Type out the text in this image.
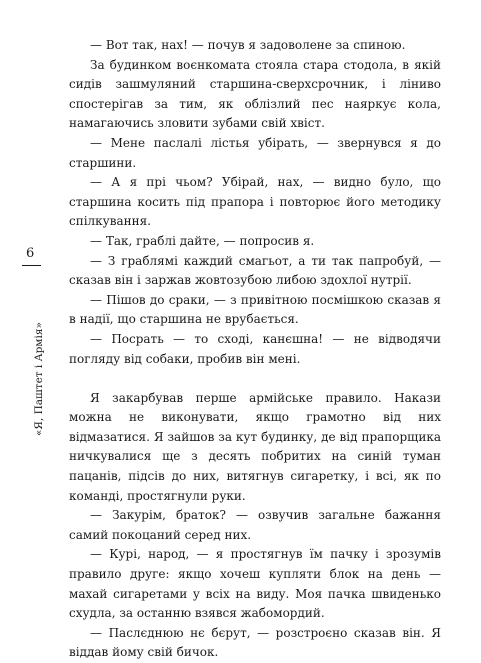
6
«Я, Паштет і Армія»

— Вот так, нах! — почув я задоволене за спиною.

За будинком воєнкомата стояла стара стодола, в якій сидів зашмуляний старшина-сверхсрочник, і ліниво спостерігав за тим, як облізлий пес наяркує кола, намагаючись зловити зубами свій хвіст.

— Мене паслалі лістья убірать, — звернувся я до старшини.

— А я прі чьом? Убірай, нах, — видно було, що старшина косить під прапора і повторює його методику спілкування.

— Так, граблі дайте, — попросив я.

— З граблямі каждий смагьот, а ти так папробуй, — сказав він і заржав жовтозубою либою здохлої нутрії.

— Пішов до сраки, — з привітною посмішкою сказав я в надії, що старшина не врубається.

— Посрать — то сході, канєшна! — не відводячи погляду від собаки, пробив він мені.

Я закарбував перше армійське правило. Накази можна не виконувати, якщо грамотно від них відмазатися. Я зайшов за кут будинку, де від прапорщика ничкувалися ще з десять побритих на синій туман пацанів, підсів до них, витягнув сигаретку, і всі, як по команді, простягнули руки.

— Закурім, браток? — озвучив загальне бажання самий покоцаний серед них.

— Курі, народ, — я простягнув їм пачку і зрозумів правило друге: якщо хочеш купляти блок на день — махай сигаретами у всіх на виду. Моя пачка швиденько схудла, за останню взявся жабомордий.

— Паслєднюю нє бєрут, — розстроєно сказав він. Я віддав йому свій бичок.
